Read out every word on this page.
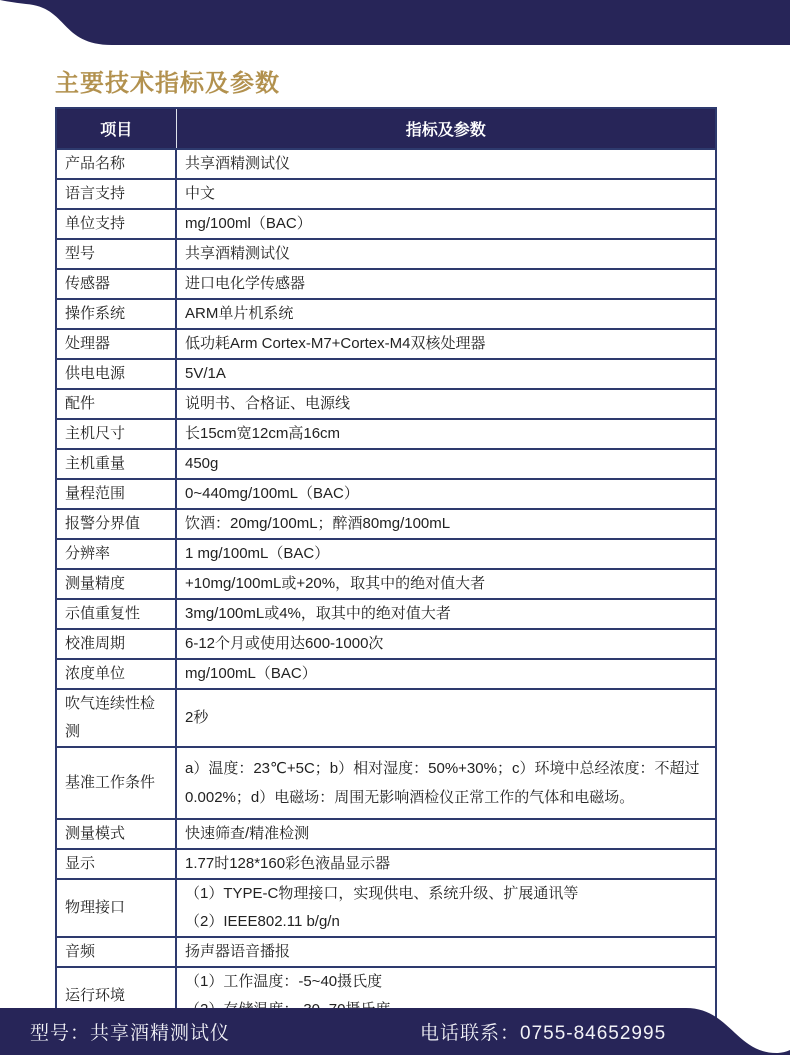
主要技术指标及参数
项目	指标及参数

产品名称	共享酒精测试仪

语言支持	中文

单位支持	mg/100ml（BAC）

型号	共享酒精测试仪

传感器	进口电化学传感器

操作系统	ARM单片机系统

处理器	低功耗Arm Cortex-M7+Cortex-M4双核处理器

供电电源	5V/1A

配件	说明书、合格证、电源线

主机尺寸	长15cm宽12cm高16cm

主机重量	450g

量程范围	0~440mg/100mL（BAC）

报警分界值	饮酒：20mg/100mL；醉酒80mg/100mL

分辨率	1 mg/100mL（BAC）

测量精度	+10mg/100mL或+20%，取其中的绝对值大者

示值重复性	3mg/100mL或4%，取其中的绝对值大者

校准周期	6-12个月或使用达600-1000次

浓度单位	mg/100mL（BAC）

吹气连续性检测	2秒

基准工作条件	a）温度：23℃+5C；b）相对湿度：50%+30%；c）环境中总经浓度：不超过0.002%；d）电磁场：周围无影响酒检仪正常工作的气体和电磁场。

测量模式	快速筛查/精准检测

显示	1.77时128*160彩色液晶显示器

物理接口	（1）TYPE-C物理接口，实现供电、系统升级、扩展通讯等
（2）IEEE802.11 b/g/n

音频	扬声器语音播报

运行环境	（1）工作温度：-5~40摄氏度
型号：共享酒精测试仪	电话联系：0755-84652995
